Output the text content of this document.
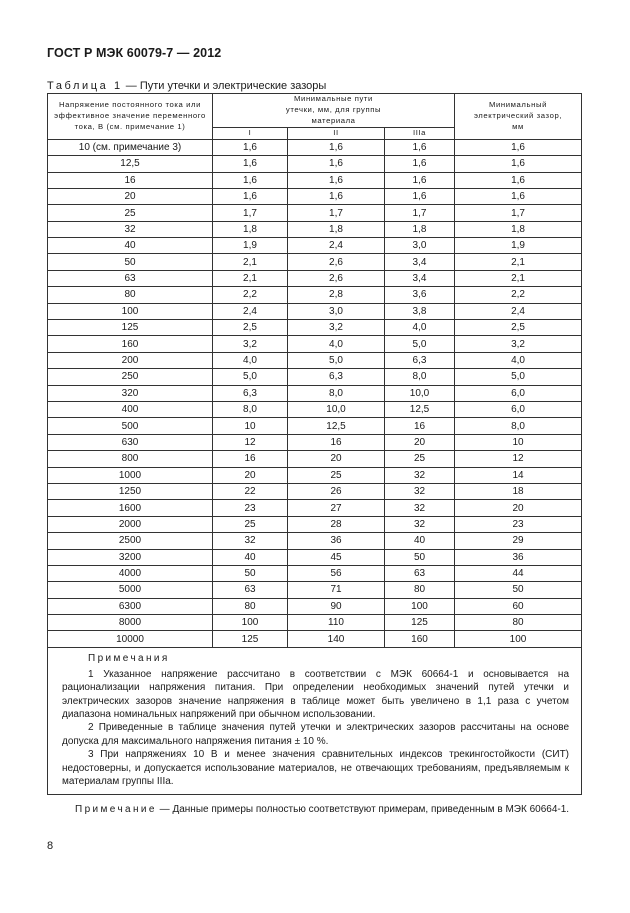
ГОСТ Р МЭК 60079-7 — 2012
Таблица 1 — Пути утечки и электрические зазоры
Напряжение постоянного тока или эффективное значение переменного тока, В (см. примечание 1)	Минимальные пути утечки, мм, для группы материала			Минимальный электрический зазор, мм
	I	II	IIIa	
10 (см. примечание 3)	1,6	1,6	1,6	1,6
12,5	1,6	1,6	1,6	1,6
16	1,6	1,6	1,6	1,6
20	1,6	1,6	1,6	1,6
25	1,7	1,7	1,7	1,7
32	1,8	1,8	1,8	1,8
40	1,9	2,4	3,0	1,9
50	2,1	2,6	3,4	2,1
63	2,1	2,6	3,4	2,1
80	2,2	2,8	3,6	2,2
100	2,4	3,0	3,8	2,4
125	2,5	3,2	4,0	2,5
160	3,2	4,0	5,0	3,2
200	4,0	5,0	6,3	4,0
250	5,0	6,3	8,0	5,0
320	6,3	8,0	10,0	6,0
400	8,0	10,0	12,5	6,0
500	10	12,5	16	8,0
630	12	16	20	10
800	16	20	25	12
1000	20	25	32	14
1250	22	26	32	18
1600	23	27	32	20
2000	25	28	32	23
2500	32	36	40	29
3200	40	45	50	36
4000	50	56	63	44
5000	63	71	80	50
6300	80	90	100	60
8000	100	110	125	80
10000	125	140	160	100

Примечания

1 Указанное напряжение рассчитано в соответствии с МЭК 60664-1 и основывается на рационализации напряжения питания. При определении необходимых значений путей утечки и электрических зазоров значение напряжения в таблице может быть увеличено в 1,1 раза с учетом диапазона номинальных напряжений при обычном использовании.

2 Приведенные в таблице значения путей утечки и электрических зазоров рассчитаны на основе допуска для максимального напряжения питания ± 10 %.

3 При напряжениях 10 В и менее значения сравнительных индексов трекингостойкости (СИТ) недостоверны, и допускается использование материалов, не отвечающих требованиям, предъявляемым к материалам группы IIIa.				

Примечание — Данные примеры полностью соответствуют примерам, приведенным в МЭК 60664-1.
8
